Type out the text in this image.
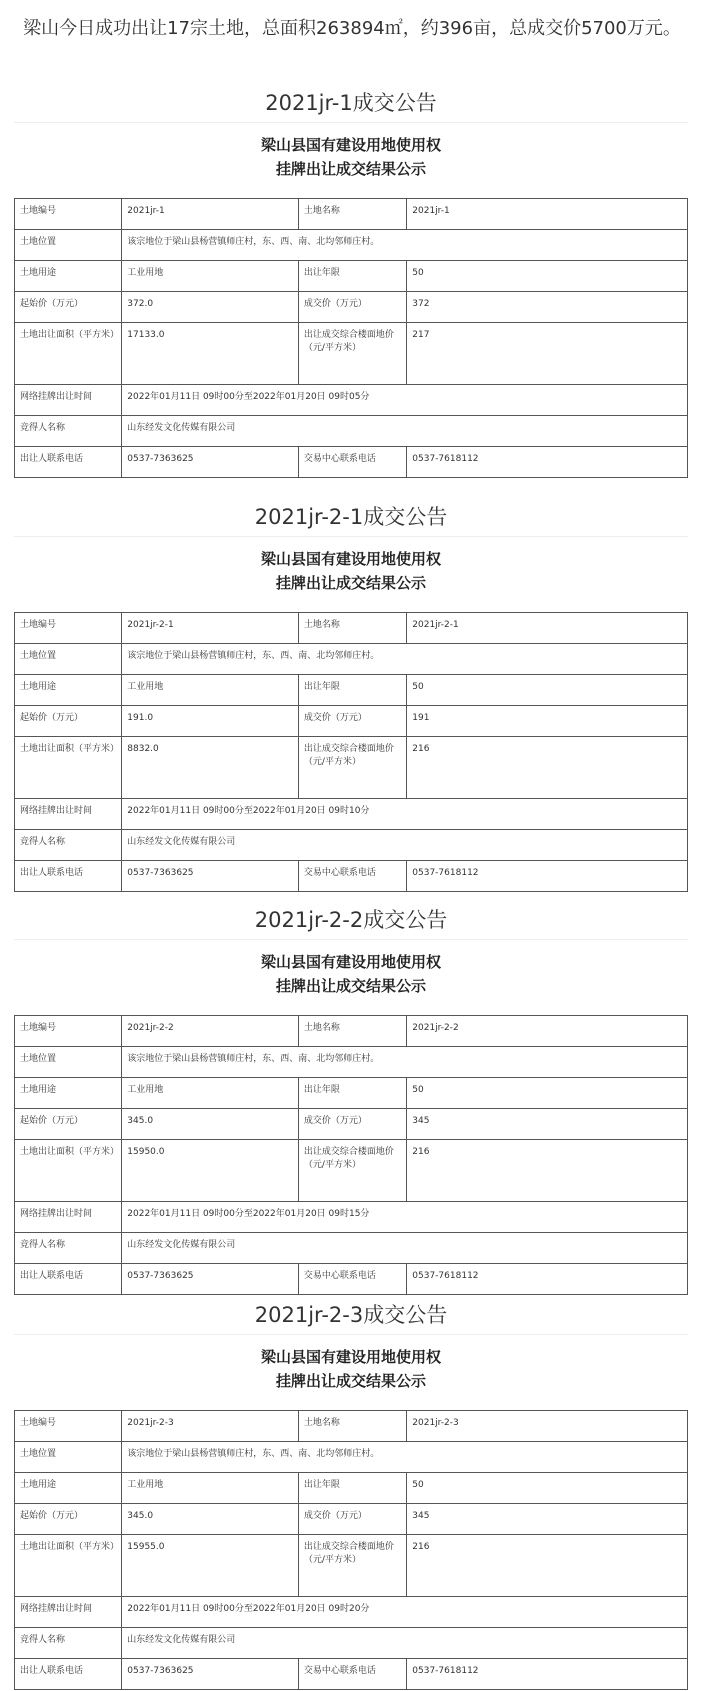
梁山今日成功出让17宗土地，总面积263894㎡，约396亩，总成交价5700万元。
2021jr-1成交公告
梁山县国有建设用地使用权
挂牌出让成交结果公示
土地编号	2021jr-1	土地名称	2021jr-1
土地位置	该宗地位于梁山县杨营镇师庄村，东、西、南、北均邻师庄村。		
土地用途	工业用地	出让年限	50
起始价（万元）	372.0	成交价（万元）	372
土地出让面积（平方米）	17133.0	出让成交综合楼面地价（元/平方米）	217
网络挂牌出让时间	2022年01月11日 09时00分至2022年01月20日 09时05分		
竞得人名称	山东经发文化传媒有限公司		
出让人联系电话	0537-7363625	交易中心联系电话	0537-7618112
2021jr-2-1成交公告
梁山县国有建设用地使用权
挂牌出让成交结果公示
土地编号	2021jr-2-1	土地名称	2021jr-2-1
土地位置	该宗地位于梁山县杨营镇师庄村，东、西、南、北均邻师庄村。		
土地用途	工业用地	出让年限	50
起始价（万元）	191.0	成交价（万元）	191
土地出让面积（平方米）	8832.0	出让成交综合楼面地价（元/平方米）	216
网络挂牌出让时间	2022年01月11日 09时00分至2022年01月20日 09时10分		
竞得人名称	山东经发文化传媒有限公司		
出让人联系电话	0537-7363625	交易中心联系电话	0537-7618112
2021jr-2-2成交公告
梁山县国有建设用地使用权
挂牌出让成交结果公示
土地编号	2021jr-2-2	土地名称	2021jr-2-2
土地位置	该宗地位于梁山县杨营镇师庄村，东、西、南、北均邻师庄村。		
土地用途	工业用地	出让年限	50
起始价（万元）	345.0	成交价（万元）	345
土地出让面积（平方米）	15950.0	出让成交综合楼面地价（元/平方米）	216
网络挂牌出让时间	2022年01月11日 09时00分至2022年01月20日 09时15分		
竞得人名称	山东经发文化传媒有限公司		
出让人联系电话	0537-7363625	交易中心联系电话	0537-7618112
2021jr-2-3成交公告
梁山县国有建设用地使用权
挂牌出让成交结果公示
土地编号	2021jr-2-3	土地名称	2021jr-2-3
土地位置	该宗地位于梁山县杨营镇师庄村，东、西、南、北均邻师庄村。		
土地用途	工业用地	出让年限	50
起始价（万元）	345.0	成交价（万元）	345
土地出让面积（平方米）	15955.0	出让成交综合楼面地价（元/平方米）	216
网络挂牌出让时间	2022年01月11日 09时00分至2022年01月20日 09时20分		
竞得人名称	山东经发文化传媒有限公司		
出让人联系电话	0537-7363625	交易中心联系电话	0537-7618112
